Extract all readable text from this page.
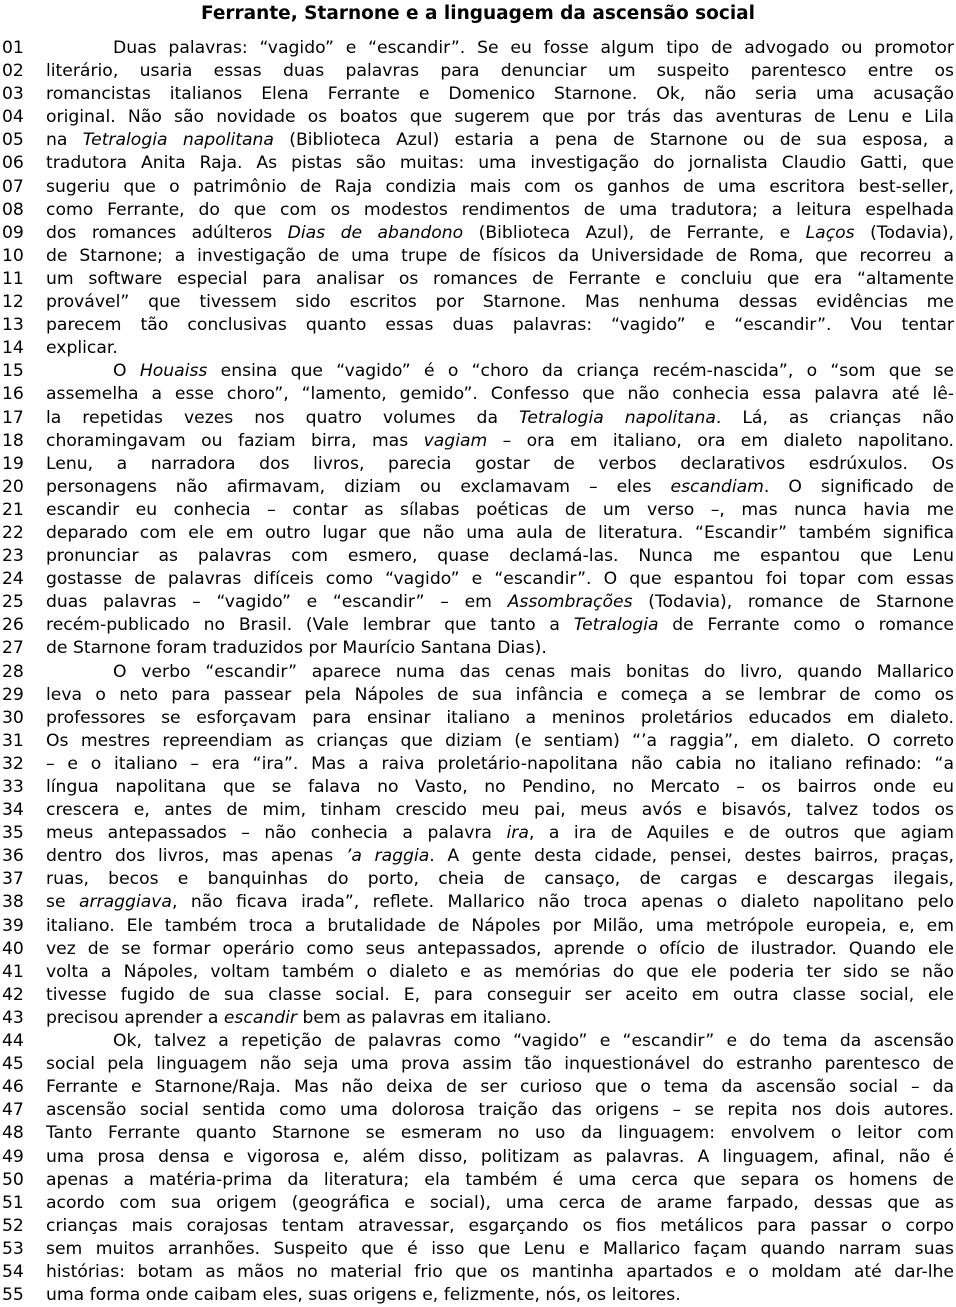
Ferrante, Starnone e a linguagem da ascensão social
01	Duas palavras: “vagido” e “escandir”. Se eu fosse algum tipo de advogado ou promotor
02	literário, usaria essas duas palavras para denunciar um suspeito parentesco entre os
03	romancistas italianos Elena Ferrante e Domenico Starnone. Ok, não seria uma acusação
04	original. Não são novidade os boatos que sugerem que por trás das aventuras de Lenu e Lila
05	na Tetralogia napolitana (Biblioteca Azul) estaria a pena de Starnone ou de sua esposa, a
06	tradutora Anita Raja. As pistas são muitas: uma investigação do jornalista Claudio Gatti, que
07	sugeriu que o patrimônio de Raja condizia mais com os ganhos de uma escritora best-seller,
08	como Ferrante, do que com os modestos rendimentos de uma tradutora; a leitura espelhada
09	dos romances adúlteros Dias de abandono (Biblioteca Azul), de Ferrante, e Laços (Todavia),
10	de Starnone; a investigação de uma trupe de físicos da Universidade de Roma, que recorreu a
11	um software especial para analisar os romances de Ferrante e concluiu que era “altamente
12	provável” que tivessem sido escritos por Starnone. Mas nenhuma dessas evidências me
13	parecem tão conclusivas quanto essas duas palavras: “vagido” e “escandir”. Vou tentar
14	explicar.
15	O Houaiss ensina que “vagido” é o “choro da criança recém-nascida”, o “som que se
16	assemelha a esse choro”, “lamento, gemido”. Confesso que não conhecia essa palavra até lê-
17	la repetidas vezes nos quatro volumes da Tetralogia napolitana. Lá, as crianças não
18	choramingavam ou faziam birra, mas vagiam – ora em italiano, ora em dialeto napolitano.
19	Lenu, a narradora dos livros, parecia gostar de verbos declarativos esdrúxulos. Os
20	personagens não afirmavam, diziam ou exclamavam – eles escandiam. O significado de
21	escandir eu conhecia – contar as sílabas poéticas de um verso –, mas nunca havia me
22	deparado com ele em outro lugar que não uma aula de literatura. “Escandir” também significa
23	pronunciar as palavras com esmero, quase declamá-las. Nunca me espantou que Lenu
24	gostasse de palavras difíceis como “vagido” e “escandir”. O que espantou foi topar com essas
25	duas palavras – “vagido” e “escandir” – em Assombrações (Todavia), romance de Starnone
26	recém-publicado no Brasil. (Vale lembrar que tanto a Tetralogia de Ferrante como o romance
27	de Starnone foram traduzidos por Maurício Santana Dias).
28	O verbo “escandir” aparece numa das cenas mais bonitas do livro, quando Mallarico
29	leva o neto para passear pela Nápoles de sua infância e começa a se lembrar de como os
30	professores se esforçavam para ensinar italiano a meninos proletários educados em dialeto.
31	Os mestres repreendiam as crianças que diziam (e sentiam) “’a raggia”, em dialeto. O correto
32	– e o italiano – era “ira”. Mas a raiva proletário-napolitana não cabia no italiano refinado: “a
33	língua napolitana que se falava no Vasto, no Pendino, no Mercato – os bairros onde eu
34	crescera e, antes de mim, tinham crescido meu pai, meus avós e bisavós, talvez todos os
35	meus antepassados – não conhecia a palavra ira, a ira de Aquiles e de outros que agiam
36	dentro dos livros, mas apenas ’a raggia. A gente desta cidade, pensei, destes bairros, praças,
37	ruas, becos e banquinhas do porto, cheia de cansaço, de cargas e descargas ilegais,
38	se arraggiava, não ficava irada”, reflete. Mallarico não troca apenas o dialeto napolitano pelo
39	italiano. Ele também troca a brutalidade de Nápoles por Milão, uma metrópole europeia, e, em
40	vez de se formar operário como seus antepassados, aprende o ofício de ilustrador. Quando ele
41	volta a Nápoles, voltam também o dialeto e as memórias do que ele poderia ter sido se não
42	tivesse fugido de sua classe social. E, para conseguir ser aceito em outra classe social, ele
43	precisou aprender a escandir bem as palavras em italiano.
44	Ok, talvez a repetição de palavras como “vagido” e “escandir” e do tema da ascensão
45	social pela linguagem não seja uma prova assim tão inquestionável do estranho parentesco de
46	Ferrante e Starnone/Raja. Mas não deixa de ser curioso que o tema da ascensão social – da
47	ascensão social sentida como uma dolorosa traição das origens – se repita nos dois autores.
48	Tanto Ferrante quanto Starnone se esmeram no uso da linguagem: envolvem o leitor com
49	uma prosa densa e vigorosa e, além disso, politizam as palavras. A linguagem, afinal, não é
50	apenas a matéria-prima da literatura; ela também é uma cerca que separa os homens de
51	acordo com sua origem (geográfica e social), uma cerca de arame farpado, dessas que as
52	crianças mais corajosas tentam atravessar, esgarçando os fios metálicos para passar o corpo
53	sem muitos arranhões. Suspeito que é isso que Lenu e Mallarico façam quando narram suas
54	histórias: botam as mãos no material frio que os mantinha apartados e o moldam até dar-lhe
55	uma forma onde caibam eles, suas origens e, felizmente, nós, os leitores.
